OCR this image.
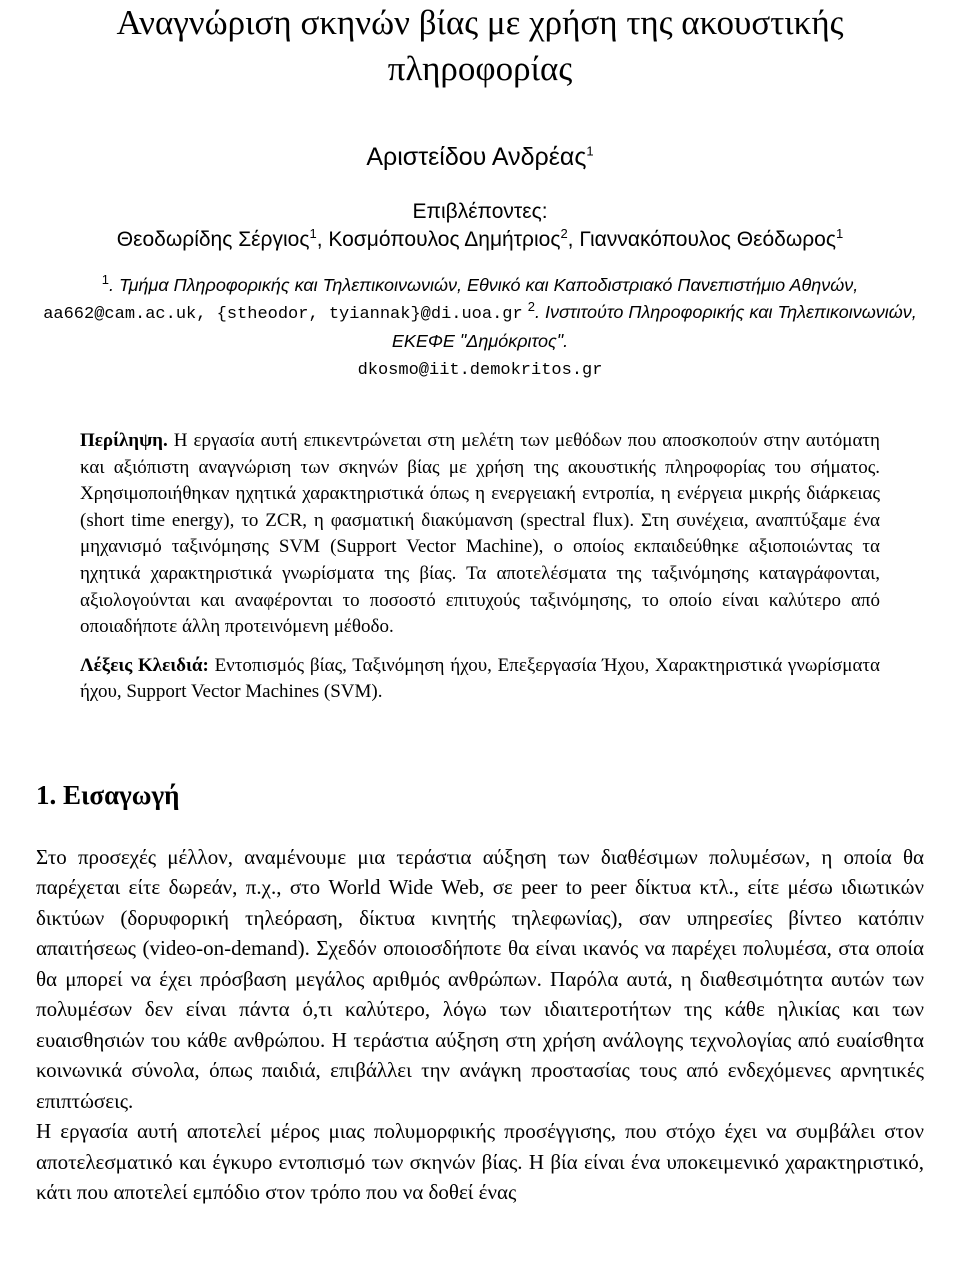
Αναγνώριση σκηνών βίας με χρήση της ακουστικής πληροφορίας
Αριστείδου Ανδρέας$^1$
Επιβλέποντες:
Θεοδωρίδης Σέργιος$^1$, Κοσμόπουλος Δημήτριος$^2$, Γιαννακόπουλος Θεόδωρος$^1$
$^1$. Τμήμα Πληροφορικής και Τηλεπικοινωνιών, Εθνικό και Καποδιστριακό Πανεπιστήμιο Αθηνών,
aa662@cam.ac.uk, {stheodor, tyiannak}@di.uoa.gr $^2$. Ινστιτούτο Πληροφορικής και Τηλεπικοινωνιών, ΕΚΕΦΕ "Δημόκριτος".
dkosmo@iit.demokritos.gr
Περίληψη. Η εργασία αυτή επικεντρώνεται στη μελέτη των μεθόδων που αποσκοπούν στην αυτόματη και αξιόπιστη αναγνώριση των σκηνών βίας με χρήση της ακουστικής πληροφορίας του σήματος. Χρησιμοποιήθηκαν ηχητικά χαρακτηριστικά όπως η ενεργειακή εντροπία, η ενέργεια μικρής διάρκειας (short time energy), το ZCR, η φασματική διακύμανση (spectral flux). Στη συνέχεια, αναπτύξαμε ένα μηχανισμό ταξινόμησης SVM (Support Vector Machine), ο οποίος εκπαιδεύθηκε αξιοποιώντας τα ηχητικά χαρακτηριστικά γνωρίσματα της βίας. Τα αποτελέσματα της ταξινόμησης καταγράφονται, αξιολογούνται και αναφέρονται το ποσοστό επιτυχούς ταξινόμησης, το οποίο είναι καλύτερο από οποιαδήποτε άλλη προτεινόμενη μέθοδο.
Λέξεις Κλειδιά: Εντοπισμός βίας, Ταξινόμηση ήχου, Επεξεργασία Ήχου, Χαρακτηριστικά γνωρίσματα ήχου, Support Vector Machines (SVM).
1. Εισαγωγή

Στο προσεχές μέλλον, αναμένουμε μια τεράστια αύξηση των διαθέσιμων πολυμέσων, η οποία θα παρέχεται είτε δωρεάν, π.χ., στο World Wide Web, σε peer to peer δίκτυα κτλ., είτε μέσω ιδιωτικών δικτύων (δορυφορική τηλεόραση, δίκτυα κινητής τηλεφωνίας), σαν υπηρεσίες βίντεο κατόπιν απαιτήσεως (video-on-demand). Σχεδόν οποιοσδήποτε θα είναι ικανός να παρέχει πολυμέσα, στα οποία θα μπορεί να έχει πρόσβαση μεγάλος αριθμός ανθρώπων. Παρόλα αυτά, η διαθεσιμότητα αυτών των πολυμέσων δεν είναι πάντα ό,τι καλύτερο, λόγω των ιδιαιτεροτήτων της κάθε ηλικίας και των ευαισθησιών του κάθε ανθρώπου. Η τεράστια αύξηση στη χρήση ανάλογης τεχνολογίας από ευαίσθητα κοινωνικά σύνολα, όπως παιδιά, επιβάλλει την ανάγκη προστασίας τους από ενδεχόμενες αρνητικές επιπτώσεις.

Η εργασία αυτή αποτελεί μέρος μιας πολυμορφικής προσέγγισης, που στόχο έχει να συμβάλει στον αποτελεσματικό και έγκυρο εντοπισμό των σκηνών βίας. Η βία είναι ένα υποκειμενικό χαρακτηριστικό, κάτι που αποτελεί εμπόδιο στον τρόπο που να δοθεί ένας
